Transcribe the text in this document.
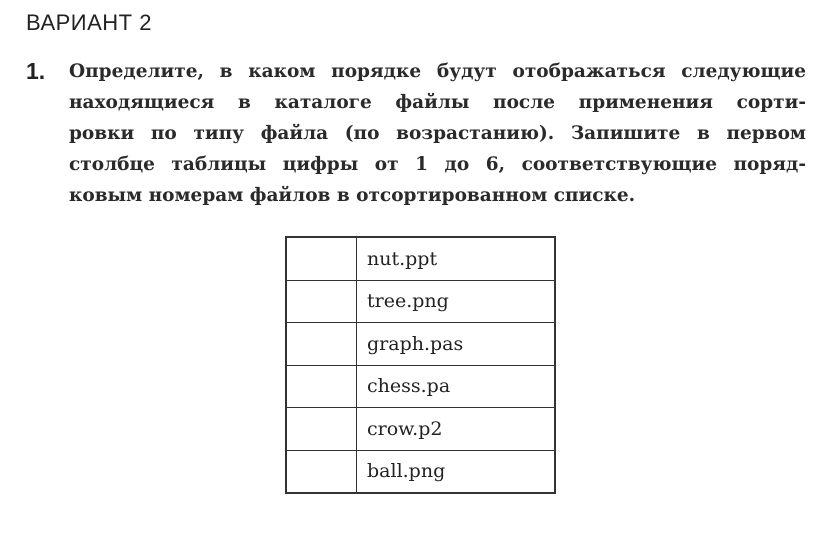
ВАРИАНТ 2
1. Определите, в каком порядке будут отображаться следующие
находящиеся в каталоге файлы после применения сорти-
ровки по типу файла (по возрастанию). Запишите в первом
столбце таблицы цифры от 1 до 6, соответствующие поряд-
ковым номерам файлов в отсортированном списке.
	nut.ppt
	tree.png
	graph.pas
	chess.pa
	crow.p2
	ball.png
